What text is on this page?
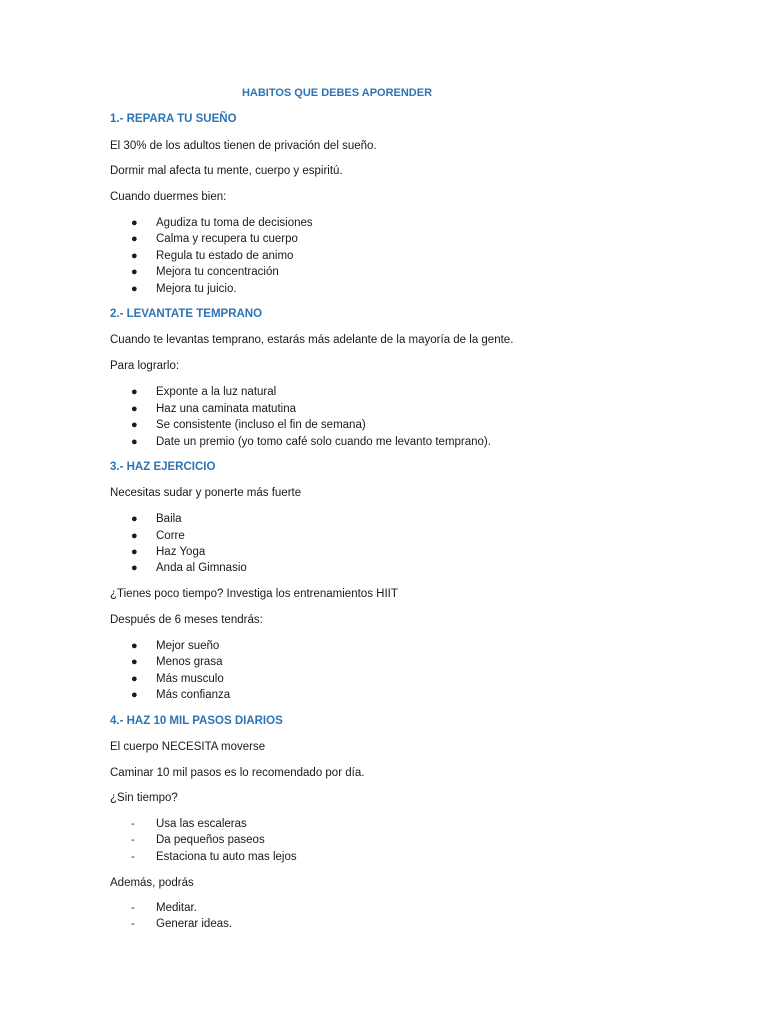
HABITOS QUE DEBES APORENDER
1.- REPARA TU SUEÑO
El 30% de los adultos tienen de privación del sueño.
Dormir mal afecta tu mente, cuerpo y espiritú.
Cuando duermes bien:
● Agudiza tu toma de decisiones
● Calma y recupera tu cuerpo
● Regula tu estado de animo
● Mejora tu concentración
● Mejora tu juicio.
2.- LEVANTATE TEMPRANO
Cuando te levantas temprano, estarás más adelante de la mayoría de la gente.
Para lograrlo:
● Exponte a la luz natural
● Haz una caminata matutina
● Se consistente (incluso el fin de semana)
● Date un premio (yo tomo café solo cuando me levanto temprano).
3.- HAZ EJERCICIO
Necesitas sudar y ponerte más fuerte
● Baila
● Corre
● Haz Yoga
● Anda al Gimnasio
¿Tienes poco tiempo? Investiga los entrenamientos HIIT
Después de 6 meses tendrás:
● Mejor sueño
● Menos grasa
● Más musculo
● Más confianza
4.- HAZ 10 MIL PASOS DIARIOS
El cuerpo NECESITA moverse
Caminar 10 mil pasos es lo recomendado por día.
¿Sin tiempo?
- Usa las escaleras
- Da pequeños paseos
- Estaciona tu auto mas lejos
Además, podrás
- Meditar.
- Generar ideas.
